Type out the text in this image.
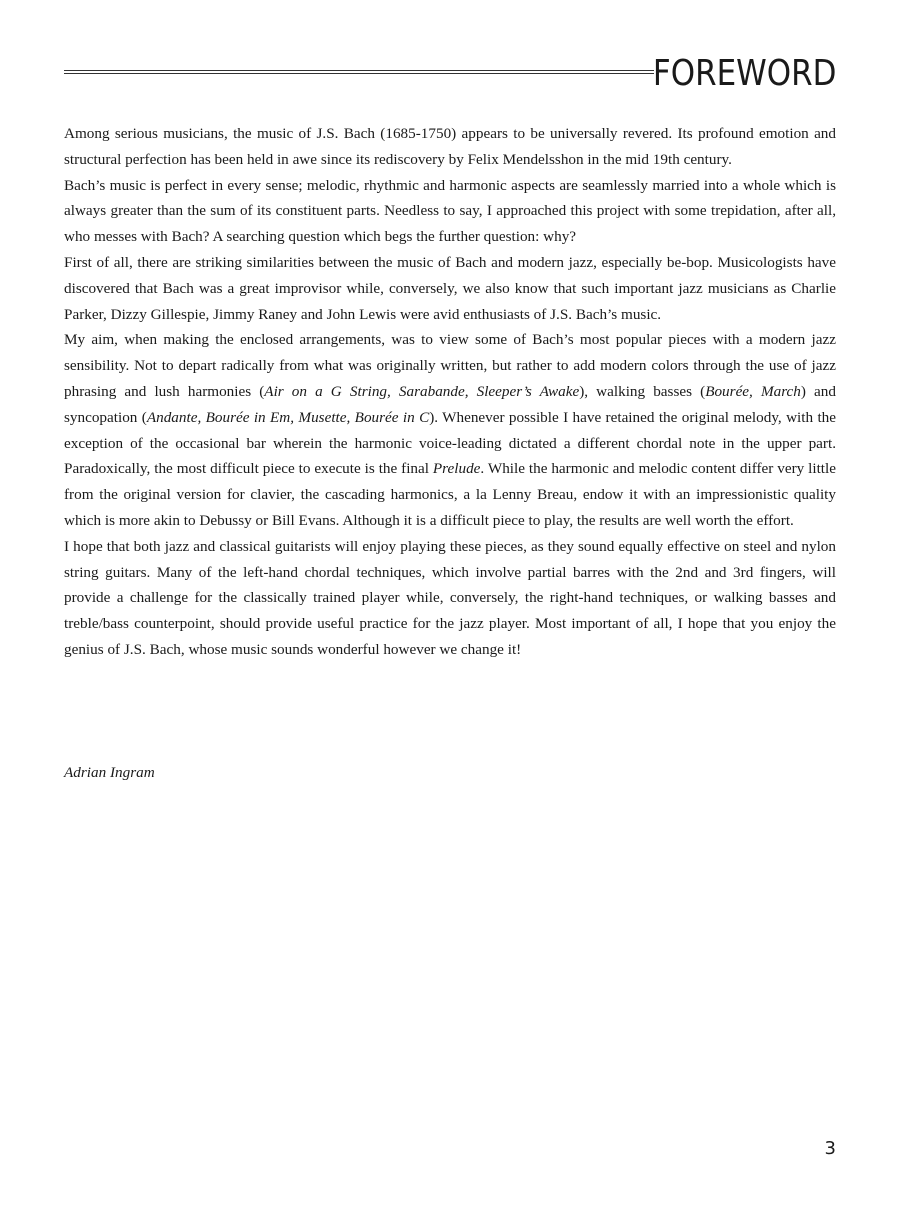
FOREWORD

Among serious musicians, the music of J.S. Bach (1685-1750) appears to be universally revered. Its profound emotion and structural perfection has been held in awe since its rediscovery by Felix Mendelsshon in the mid 19th century.

Bach’s music is perfect in every sense; melodic, rhythmic and harmonic aspects are seamlessly married into a whole which is always greater than the sum of its constituent parts. Needless to say, I approached this project with some trepidation, after all, who messes with Bach? A searching question which begs the further question: why?

First of all, there are striking similarities between the music of Bach and modern jazz, especially be-bop. Musicologists have discovered that Bach was a great improvisor while, conversely, we also know that such important jazz musicians as Charlie Parker, Dizzy Gillespie, Jimmy Raney and John Lewis were avid enthusiasts of J.S. Bach’s music.

My aim, when making the enclosed arrangements, was to view some of Bach’s most popular pieces with a modern jazz sensibility. Not to depart radically from what was originally written, but rather to add modern colors through the use of jazz phrasing and lush harmonies (Air on a G String, Sarabande, Sleeper’s Awake), walking basses (Bourée, March) and syncopation (Andante, Bourée in Em, Musette, Bourée in C). Whenever possible I have retained the original melody, with the exception of the occasional bar wherein the harmonic voice-leading dictated a different chordal note in the upper part. Paradoxically, the most difficult piece to execute is the final Prelude. While the harmonic and melodic content differ very little from the original version for clavier, the cascading harmonics, a la Lenny Breau, endow it with an impressionistic quality which is more akin to Debussy or Bill Evans. Although it is a difficult piece to play, the results are well worth the effort.

I hope that both jazz and classical guitarists will enjoy playing these pieces, as they sound equally effective on steel and nylon string guitars. Many of the left-hand chordal techniques, which involve partial barres with the 2nd and 3rd fingers, will provide a challenge for the classically trained player while, conversely, the right-hand techniques, or walking basses and treble/bass counterpoint, should provide useful practice for the jazz player. Most important of all, I hope that you enjoy the genius of J.S. Bach, whose music sounds wonderful however we change it!

Adrian Ingram
3
